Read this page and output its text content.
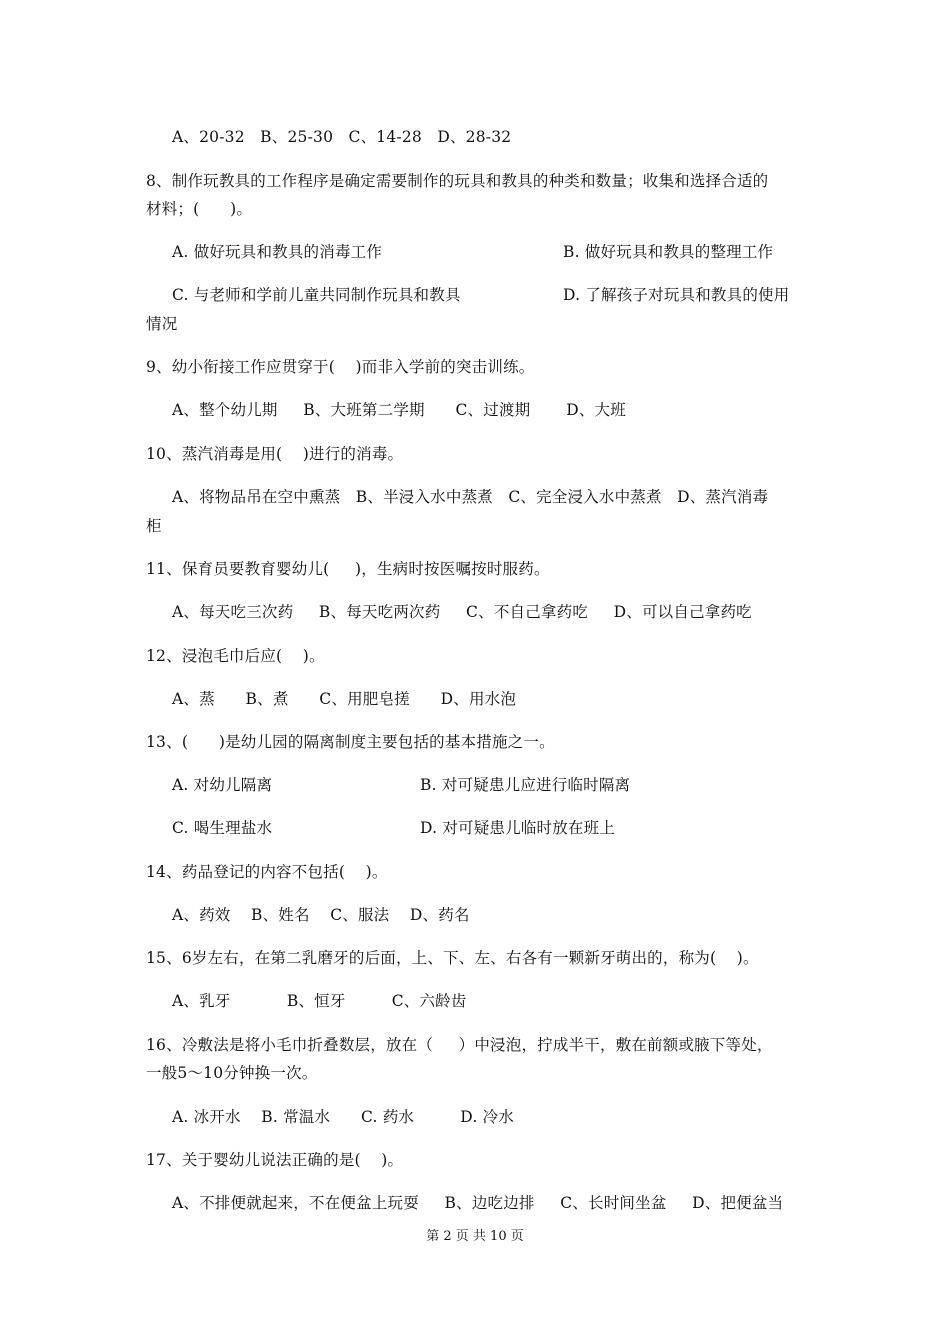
A、20-32   B、25-30   C、14-28   D、28-32
8、制作玩教具的工作程序是确定需要制作的玩具和教具的种类和数量；收集和选择合适的
材料；(      )。
A. 做好玩具和教具的消毒工作	B. 做好玩具和教具的整理工作
C. 与老师和学前儿童共同制作玩具和教具	D. 了解孩子对玩具和教具的使用
情况
9、幼小衔接工作应贯穿于(    )而非入学前的突击训练。
A、整个幼儿期     B、大班第二学期      C、过渡期       D、大班
10、蒸汽消毒是用(    )进行的消毒。
A、将物品吊在空中熏蒸   B、半浸入水中蒸煮   C、完全浸入水中蒸煮   D、蒸汽消毒
柜
11、保育员要教育婴幼儿(     )，生病时按医嘱按时服药。
A、每天吃三次药     B、每天吃两次药     C、不自己拿药吃     D、可以自己拿药吃
12、浸泡毛巾后应(    )。
A、蒸      B、煮      C、用肥皂搓      D、用水泡
13、(      )是幼儿园的隔离制度主要包括的基本措施之一。
A. 对幼儿隔离	B. 对可疑患儿应进行临时隔离
C. 喝生理盐水	D. 对可疑患儿临时放在班上
14、药品登记的内容不包括(    )。
A、药效    B、姓名    C、服法    D、药名
15、6岁左右，在第二乳磨牙的后面，上、下、左、右各有一颗新牙萌出的，称为(    )。
A、乳牙           B、恒牙         C、六龄齿
16、冷敷法是将小毛巾折叠数层，放在（     ）中浸泡，拧成半干，敷在前额或腋下等处，
一般5～10分钟换一次。
A. 冰开水    B. 常温水      C. 药水         D. 冷水
17、关于婴幼儿说法正确的是(    )。
A、不排便就起来，不在便盆上玩耍     B、边吃边排     C、长时间坐盆     D、把便盆当
第 2 页 共 10 页
